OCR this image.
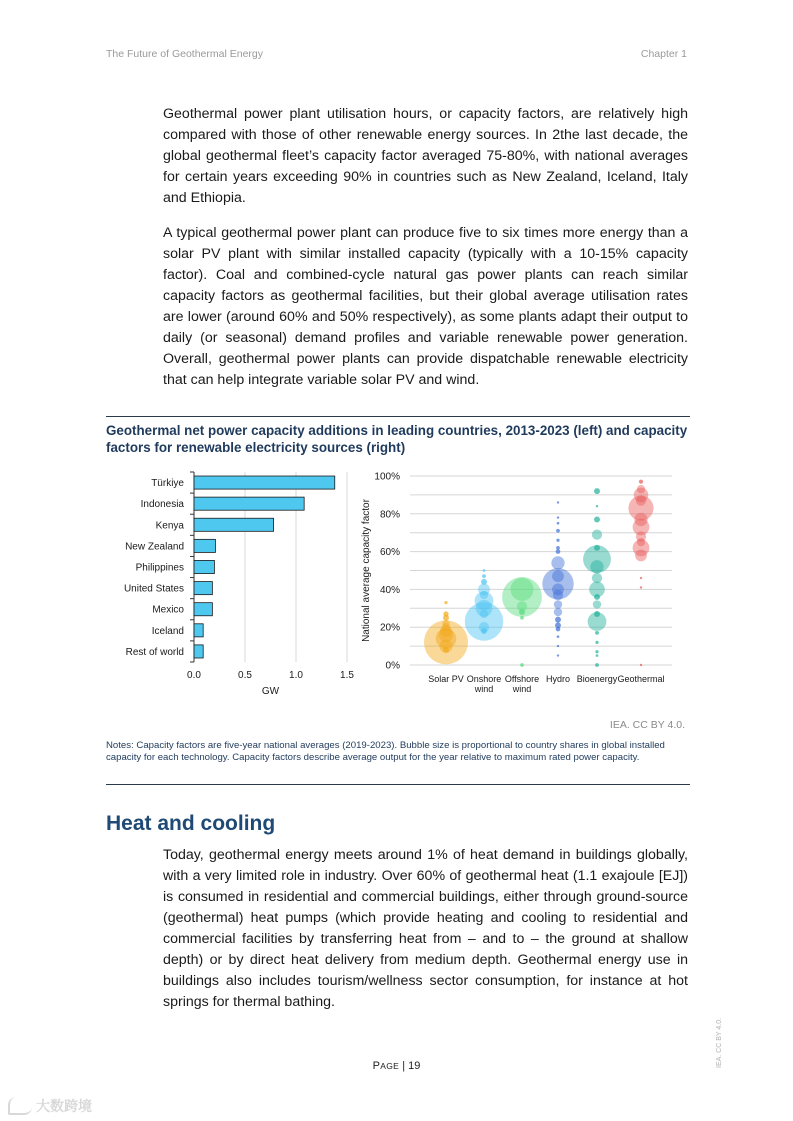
The Future of Geothermal Energy	Chapter 1

Geothermal power plant utilisation hours, or capacity factors, are relatively high compared with those of other renewable energy sources. In 2the last decade, the global geothermal fleet’s capacity factor averaged 75-80%, with national averages for certain years exceeding 90% in countries such as New Zealand, Iceland, Italy and Ethiopia.

A typical geothermal power plant can produce five to six times more energy than a solar PV plant with similar installed capacity (typically with a 10-15% capacity factor). Coal and combined-cycle natural gas power plants can reach similar capacity factors as geothermal facilities, but their global average utilisation rates are lower (around 60% and 50% respectively), as some plants adapt their output to daily (or seasonal) demand profiles and variable renewable power generation. Overall, geothermal power plants can provide dispatchable renewable electricity that can help integrate variable solar PV and wind.

Geothermal net power capacity additions in leading countries, 2013-2023 (left) and capacity factors for renewable electricity sources (right)
0.0	0.5	1.0	1.5
GW
Türkiye
Indonesia
Kenya
New Zealand
Philippines
United States
Mexico
Iceland
Rest of world
0%
20%
40%
60%
80%
100%
National average capacity factor
Solar PV Onshore
wind
Offshore
wind
Hydro Bioenergy Geothermal
IEA. CC BY 4.0.
Notes: Capacity factors are five-year national averages (2019-2023). Bubble size is proportional to country shares in global installed capacity for each technology. Capacity factors describe average output for the year relative to maximum rated power capacity.
Heat and cooling

Today, geothermal energy meets around 1% of heat demand in buildings globally, with a very limited role in industry. Over 60% of geothermal heat (1.1 exajoule [EJ]) is consumed in residential and commercial buildings, either through ground-source (geothermal) heat pumps (which provide heating and cooling to residential and commercial facilities by transferring heat from – and to – the ground at shallow depth) or by direct heat delivery from medium depth. Geothermal energy use in buildings also includes tourism/wellness sector consumption, for instance at hot springs for thermal bathing.

PAGE | 19	IEA. CC BY 4.0.
大数跨境
